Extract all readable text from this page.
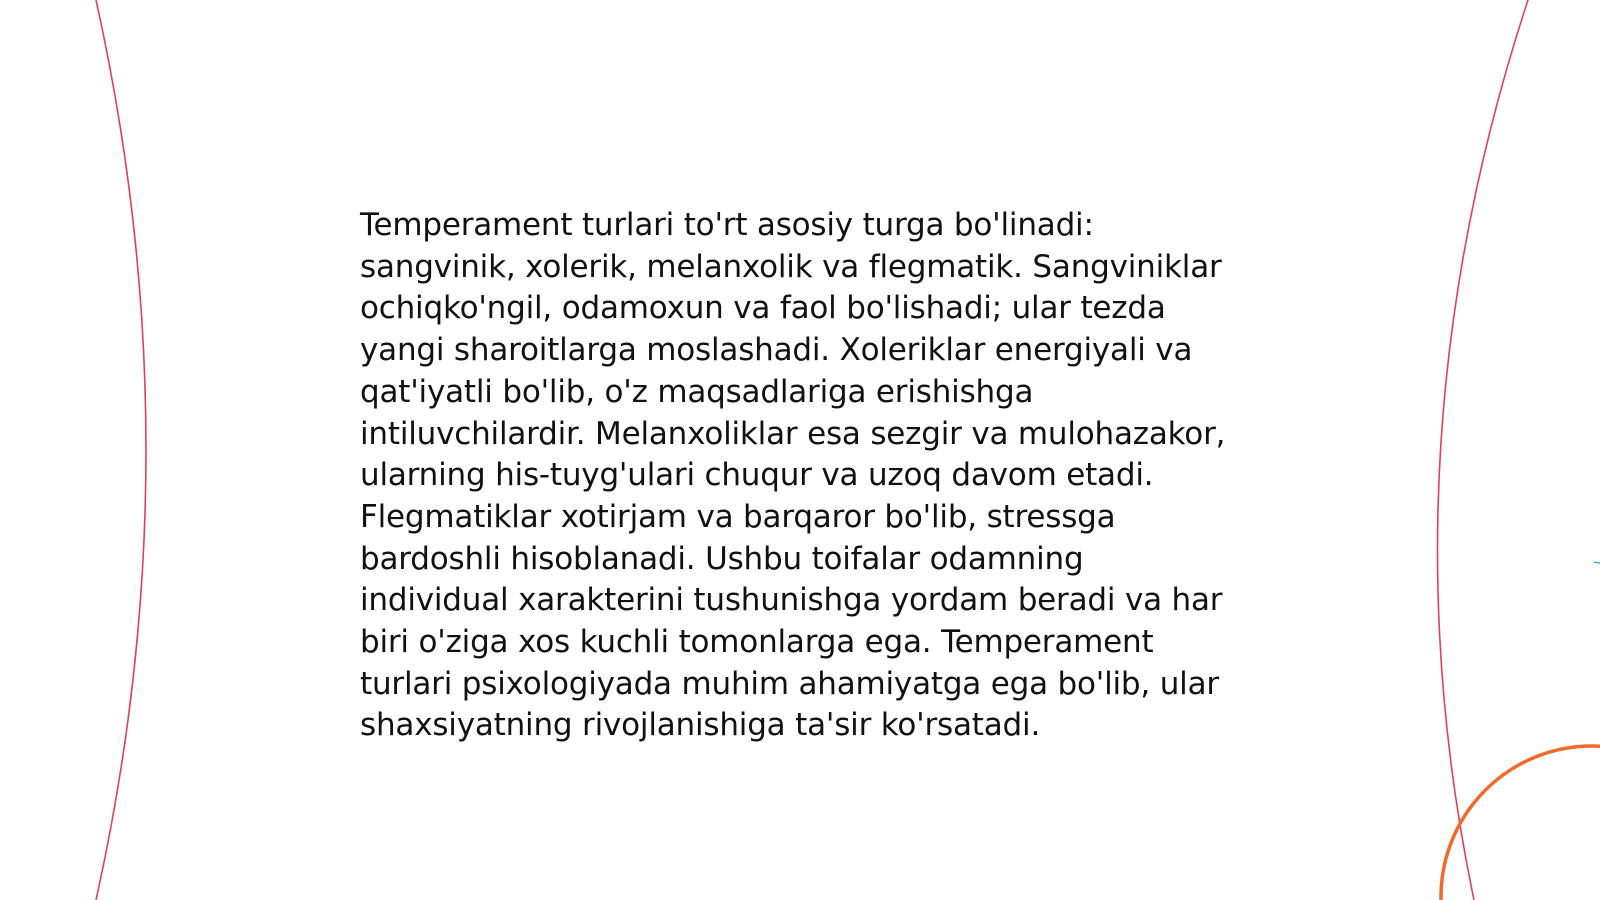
Temperament turlari to'rt asosiy turga bo'linadi: sangvinik, xolerik, melanxolik va flegmatik. Sangviniklar ochiqko'ngil, odamoxun va faol bo'lishadi; ular tezda yangi sharoitlarga moslashadi. Xoleriklar energiyali va qat'iyatli bo'lib, o'z maqsadlariga erishishga intiluvchilardir. Melanxoliklar esa sezgir va mulohazakor, ularning his-tuyg'ulari chuqur va uzoq davom etadi. Flegmatiklar xotirjam va barqaror bo'lib, stressga bardoshli hisoblanadi. Ushbu toifalar odamning individual xarakterini tushunishga yordam beradi va har biri o'ziga xos kuchli tomonlarga ega. Temperament turlari psixologiyada muhim ahamiyatga ega bo'lib, ular shaxsiyatning rivojlanishiga ta'sir ko'rsatadi.
